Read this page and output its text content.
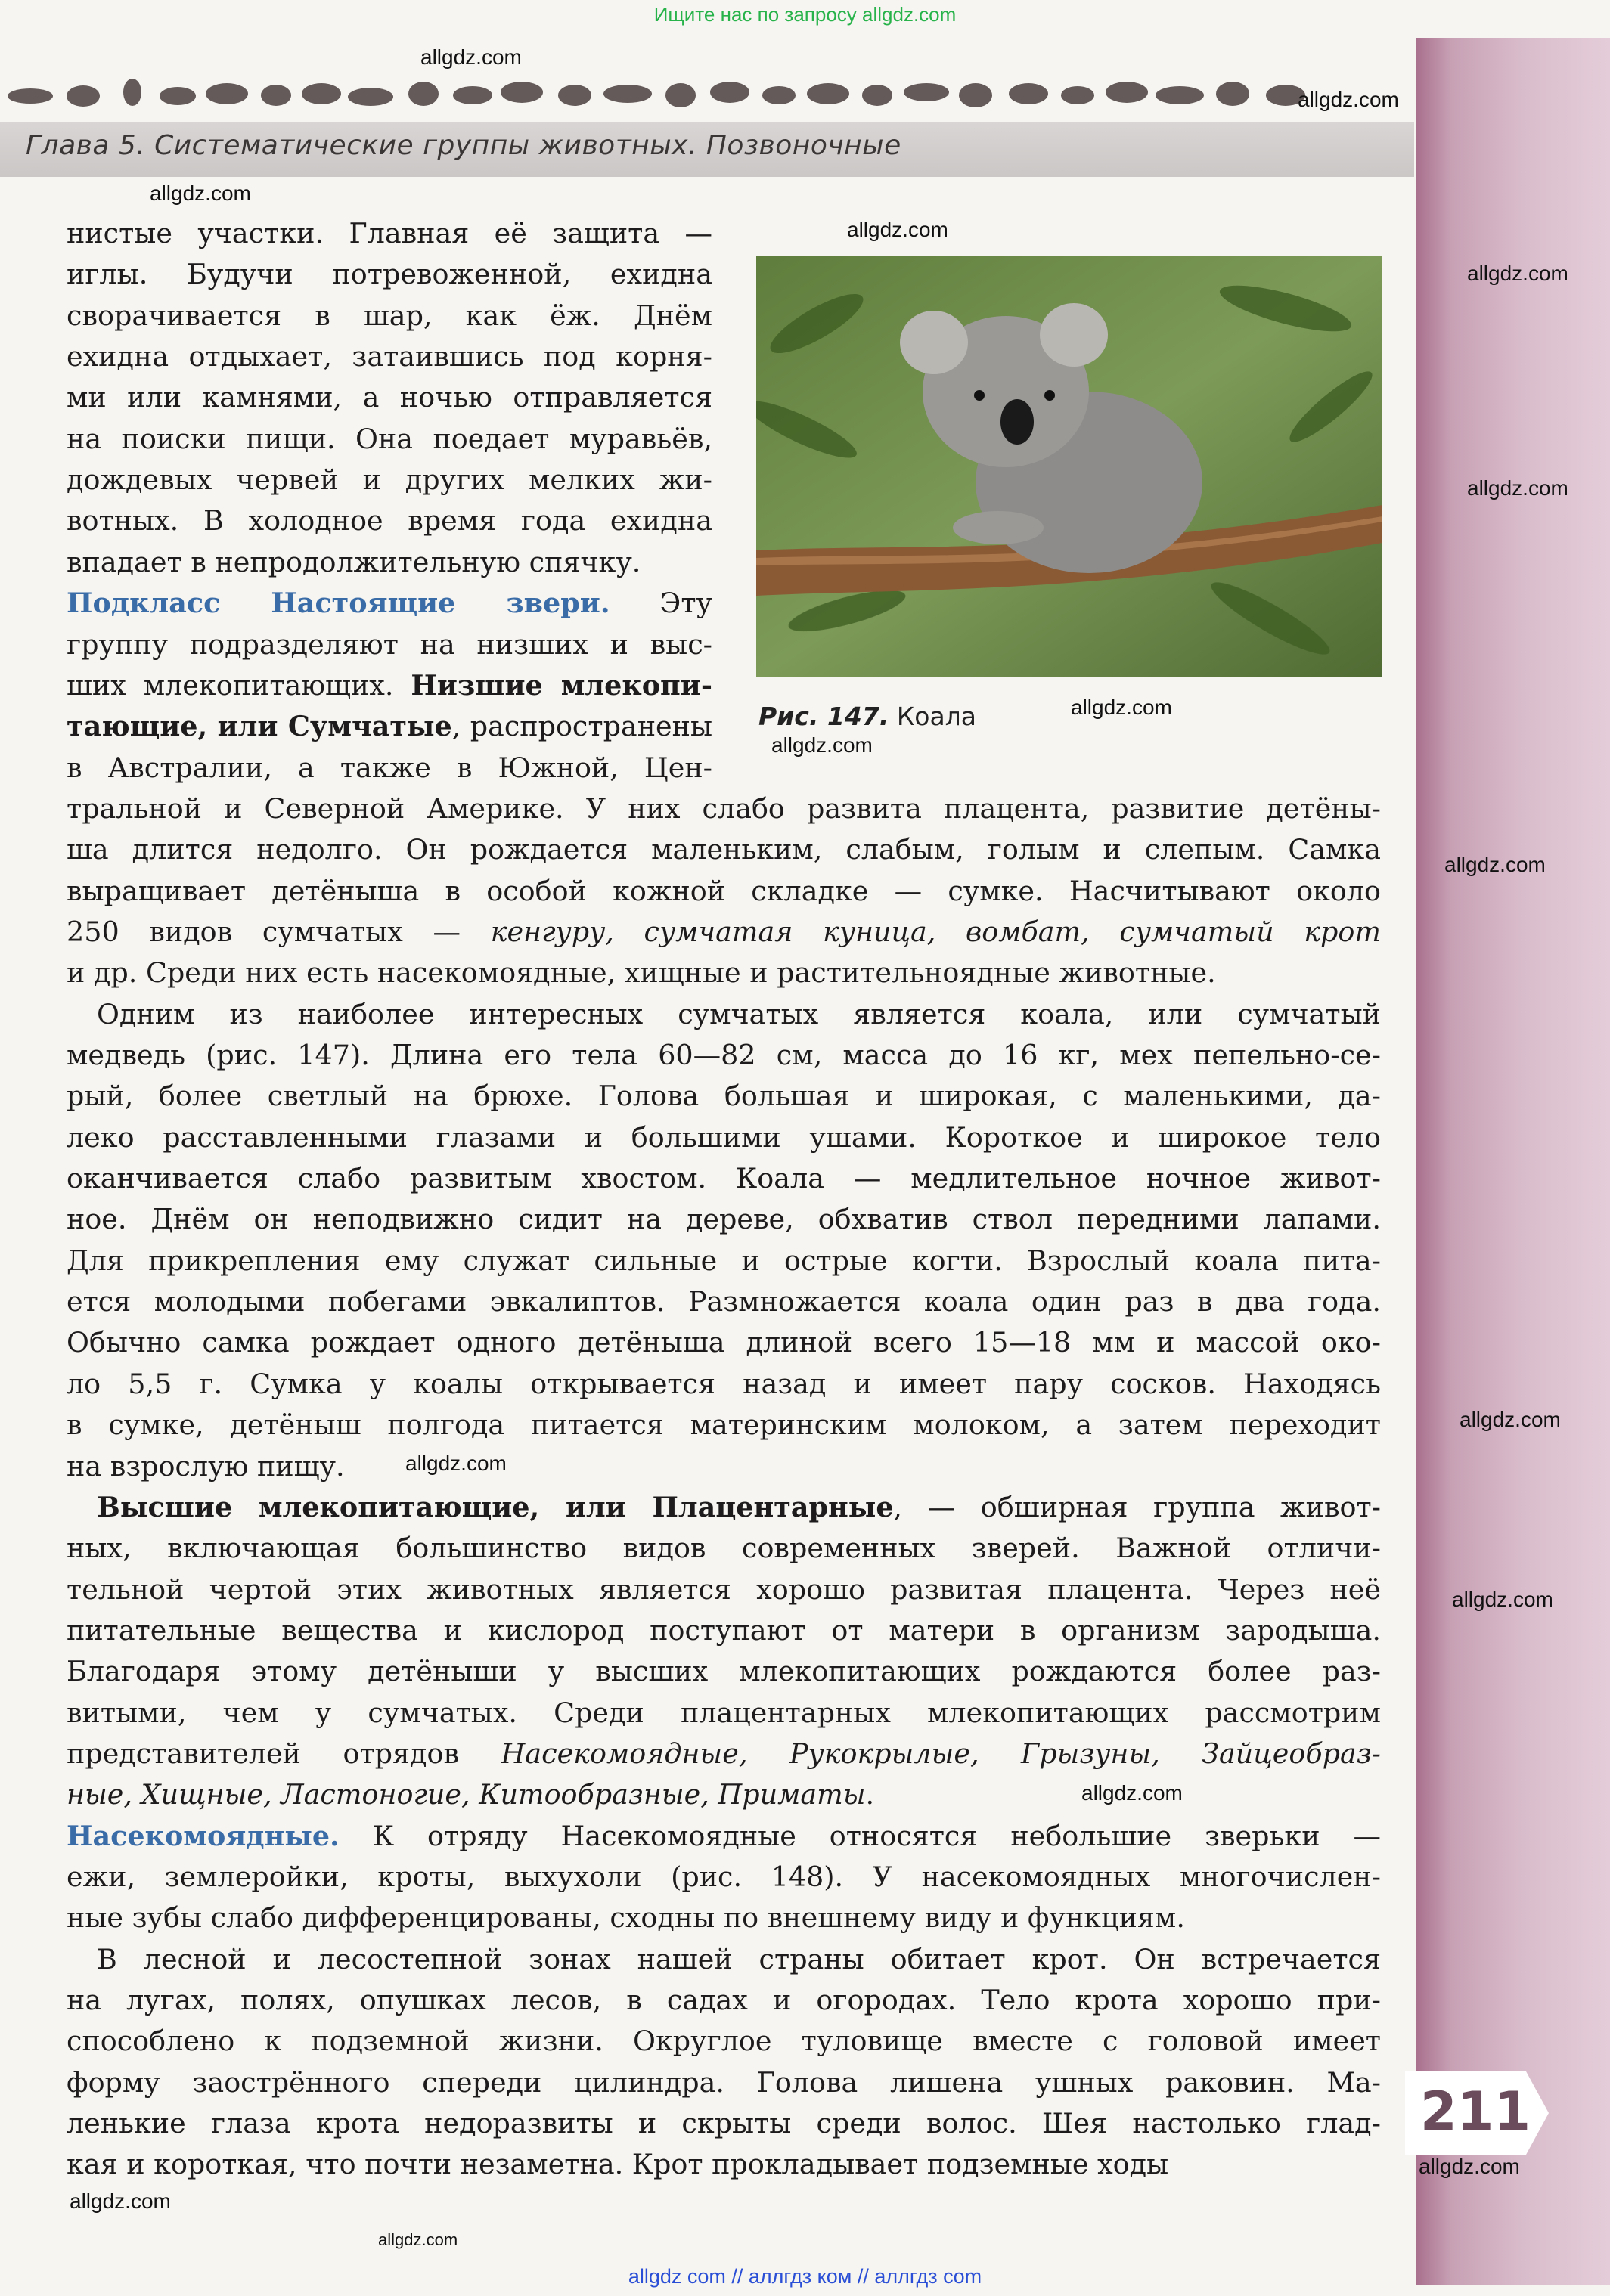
Ищите нас по запросу allgdz.com
Глава 5. Систематические группы животных. Позвоночные
Рис. 147. Коала
нистые участки. Главная её защита —
иглы. Будучи потревоженной, ехидна
сворачивается в шар, как ёж. Днём
ехидна отдыхает, затаившись под корня-
ми или камнями, а ночью отправляется
на поиски пищи. Она поедает муравьёв,
дождевых червей и других мелких жи-
вотных. В холодное время года ехидна
впадает в непродолжительную спячку.
Подкласс Настоящие звери. Эту
группу подразделяют на низших и выс-
ших млекопитающих. Низшие млекопи-
тающие, или Сумчатые, распространены
в Австралии, а также в Южной, Цен-
тральной и Северной Америке. У них слабо развита плацента, развитие детёны-
ша длится недолго. Он рождается маленьким, слабым, голым и слепым. Самка
выращивает детёныша в особой кожной складке — сумке. Насчитывают около
250 видов сумчатых — кенгуру, сумчатая куница, вомбат, сумчатый крот
и др. Среди них есть насекомоядные, хищные и растительноядные животные.
Одним из наиболее интересных сумчатых является коала, или сумчатый
медведь (рис. 147). Длина его тела 60—82 см, масса до 16 кг, мех пепельно-се-
рый, более светлый на брюхе. Голова большая и широкая, с маленькими, да-
леко расставленными глазами и большими ушами. Короткое и широкое тело
оканчивается слабо развитым хвостом. Коала — медлительное ночное живот-
ное. Днём он неподвижно сидит на дереве, обхватив ствол передними лапами.
Для прикрепления ему служат сильные и острые когти. Взрослый коала пита-
ется молодыми побегами эвкалиптов. Размножается коала один раз в два года.
Обычно самка рождает одного детёныша длиной всего 15—18 мм и массой око-
ло 5,5 г. Сумка у коалы открывается назад и имеет пару сосков. Находясь
в сумке, детёныш полгода питается материнским молоком, а затем переходит
на взрослую пищу.
Высшие млекопитающие, или Плацентарные, — обширная группа живот-
ных, включающая большинство видов современных зверей. Важной отличи-
тельной чертой этих животных является хорошо развитая плацента. Через неё
питательные вещества и кислород поступают от матери в организм зародыша.
Благодаря этому детёныши у высших млекопитающих рождаются более раз-
витыми, чем у сумчатых. Среди плацентарных млекопитающих рассмотрим
представителей отрядов Насекомоядные, Рукокрылые, Грызуны, Зайцеобраз-
ные, Хищные, Ластоногие, Китообразные, Приматы.
Насекомоядные. К отряду Насекомоядные относятся небольшие зверьки —
ежи, землеройки, кроты, выхухоли (рис. 148). У насекомоядных многочислен-
ные зубы слабо дифференцированы, сходны по внешнему виду и функциям.
В лесной и лесостепной зонах нашей страны обитает крот. Он встречается
на лугах, полях, опушках лесов, в садах и огородах. Тело крота хорошо при-
способлено к подземной жизни. Округлое туловище вместе с головой имеет
форму заострённого спереди цилиндра. Голова лишена ушных раковин. Ма-
ленькие глаза крота недоразвиты и скрыты среди волос. Шея настолько глад-
кая и короткая, что почти незаметна. Крот прокладывает подземные ходы
211
allgdz.com
allgdz.com
allgdz.com
allgdz.com
allgdz.com
allgdz.com
allgdz.com
allgdz.com
allgdz.com
allgdz.com
allgdz.com
allgdz.com
allgdz.com
allgdz.com
allgdz.com
allgdz.com
allgdz com // аллгдз ком // аллгдз com
